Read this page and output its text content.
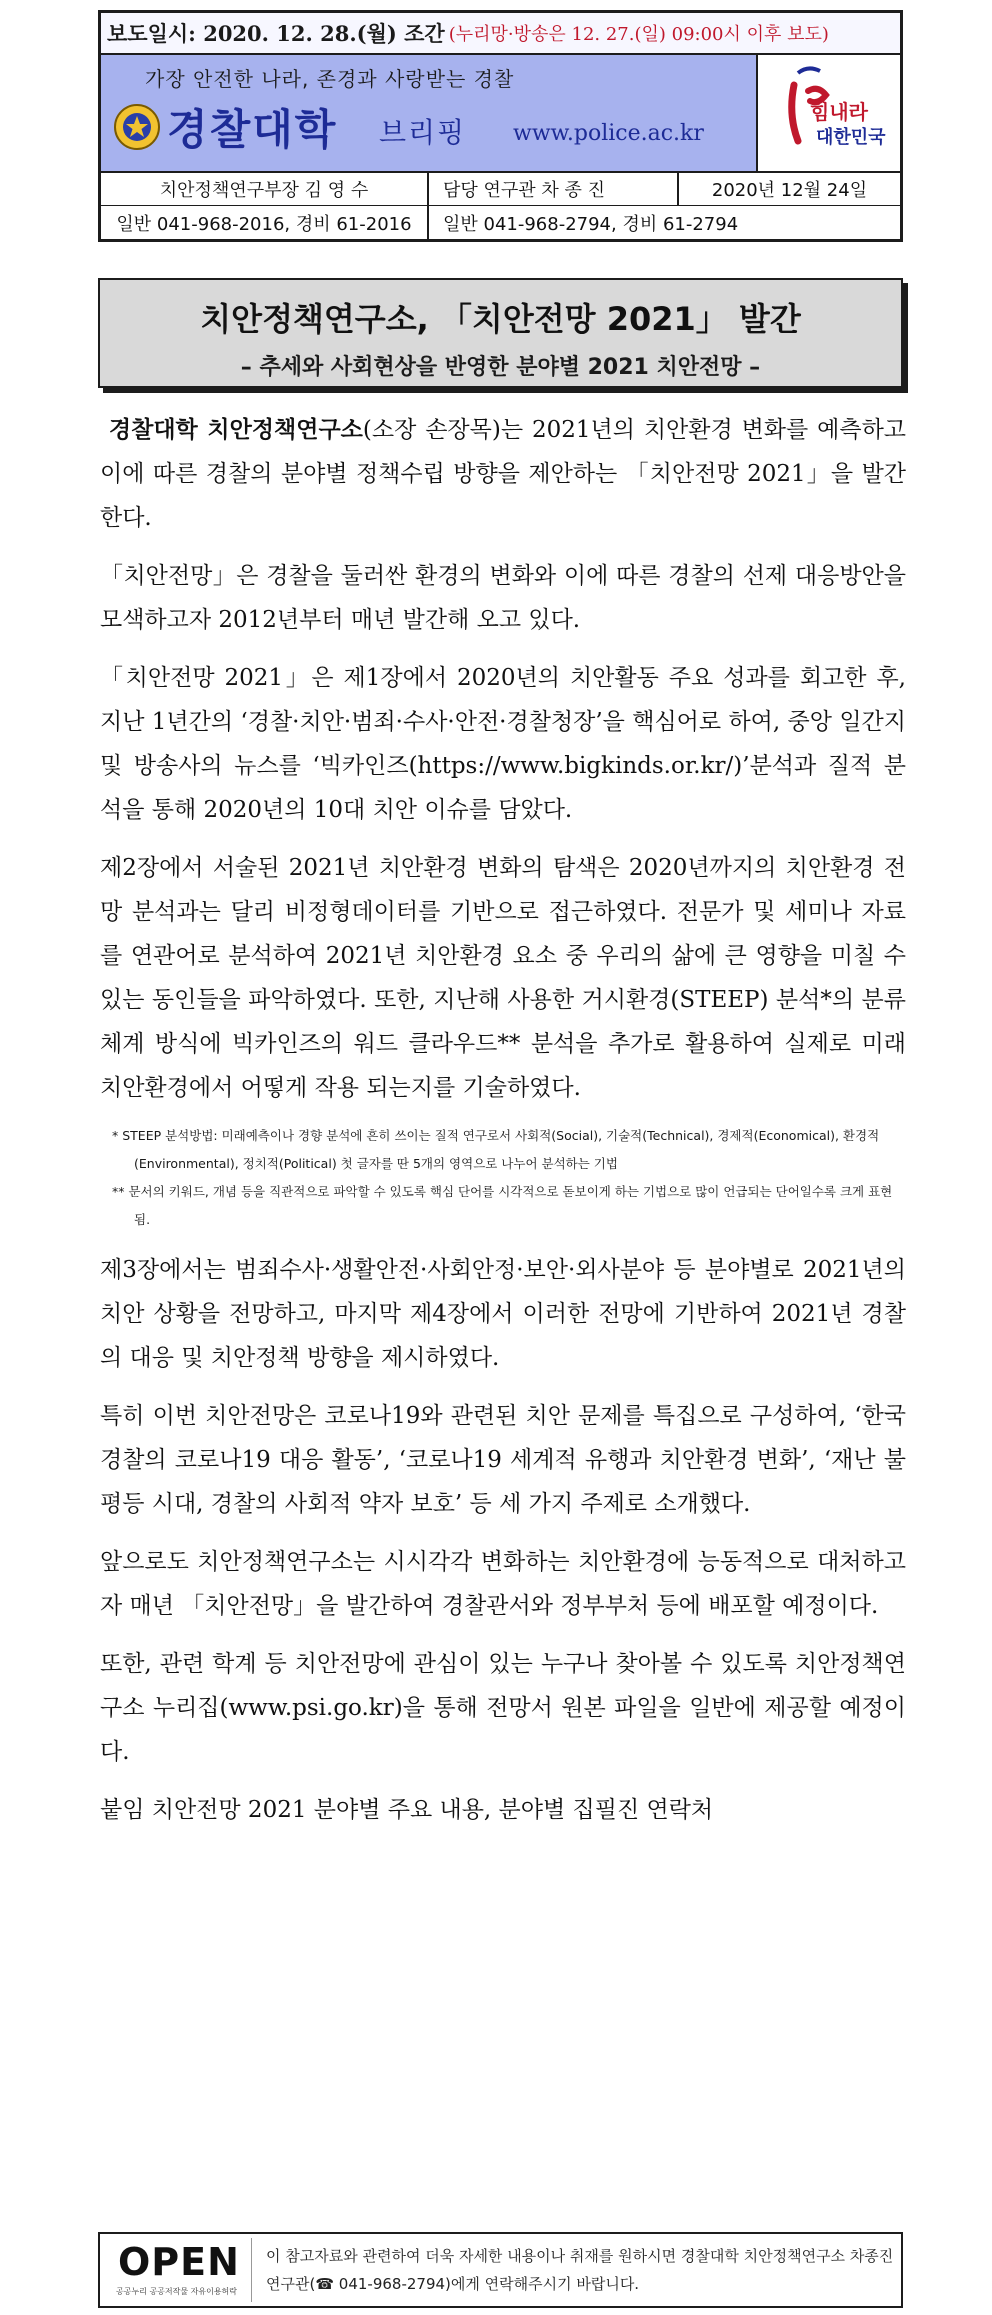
보도일시: 2020. 12. 28.(월) 조간 (누리망·방송은 12. 27.(일) 09:00시 이후 보도)
가장 안전한 나라, 존경과 사랑받는 경찰
경찰대학 브리핑 www.police.ac.kr
힘내라
대한민국
치안정책연구부장 김 영 수
일반 041-968-2016, 경비 61-2016
담당 연구관 차 종 진	2020년 12월 24일
일반 041-968-2794, 경비 61-2794
치안정책연구소, 「치안전망 2021」 발간
– 추세와 사회현상을 반영한 분야별 2021 치안전망 –

경찰대학 치안정책연구소(소장 손장목)는 2021년의 치안환경 변화를 예측하고 이에 따른 경찰의 분야별 정책수립 방향을 제안하는 「치안전망 2021」을 발간한다.

「치안전망」은 경찰을 둘러싼 환경의 변화와 이에 따른 경찰의 선제 대응방안을 모색하고자 2012년부터 매년 발간해 오고 있다.

「치안전망 2021」은 제1장에서 2020년의 치안활동 주요 성과를 회고한 후, 지난 1년간의 ‘경찰·치안·범죄·수사·안전·경찰청장’을 핵심어로 하여, 중앙 일간지 및 방송사의 뉴스를 ‘빅카인즈(https://www.bigkinds.or.kr/)’분석과 질적 분석을 통해 2020년의 10대 치안 이슈를 담았다.

제2장에서 서술된 2021년 치안환경 변화의 탐색은 2020년까지의 치안환경 전망 분석과는 달리 비정형데이터를 기반으로 접근하였다. 전문가 및 세미나 자료를 연관어로 분석하여 2021년 치안환경 요소 중 우리의 삶에 큰 영향을 미칠 수 있는 동인들을 파악하였다. 또한, 지난해 사용한 거시환경(STEEP) 분석*의 분류체계 방식에 빅카인즈의 워드 클라우드** 분석을 추가로 활용하여 실제로 미래 치안환경에서 어떻게 작용 되는지를 기술하였다.

* STEEP 분석방법: 미래예측이나 경향 분석에 흔히 쓰이는 질적 연구로서 사회적(Social), 기술적(Technical), 경제적(Economical), 환경적(Environmental), 정치적(Political) 첫 글자를 딴 5개의 영역으로 나누어 분석하는 기법

** 문서의 키워드, 개념 등을 직관적으로 파악할 수 있도록 핵심 단어를 시각적으로 돋보이게 하는 기법으로 많이 언급되는 단어일수록 크게 표현됨.

제3장에서는 범죄수사·생활안전·사회안정·보안·외사분야 등 분야별로 2021년의 치안 상황을 전망하고, 마지막 제4장에서 이러한 전망에 기반하여 2021년 경찰의 대응 및 치안정책 방향을 제시하였다.

특히 이번 치안전망은 코로나19와 관련된 치안 문제를 특집으로 구성하여, ‘한국 경찰의 코로나19 대응 활동’, ‘코로나19 세계적 유행과 치안환경 변화’, ‘재난 불평등 시대, 경찰의 사회적 약자 보호’ 등 세 가지 주제로 소개했다.

앞으로도 치안정책연구소는 시시각각 변화하는 치안환경에 능동적으로 대처하고자 매년 「치안전망」을 발간하여 경찰관서와 정부부처 등에 배포할 예정이다.

또한, 관련 학계 등 치안전망에 관심이 있는 누구나 찾아볼 수 있도록 치안정책연구소 누리집(www.psi.go.kr)을 통해 전망서 원본 파일을 일반에 제공할 예정이다.

붙임 치안전망 2021 분야별 주요 내용, 분야별 집필진 연락처

OPEN
공공누리 공공저작물 자유이용허락
이 참고자료와 관련하여 더욱 자세한 내용이나 취재를 원하시면 경찰대학 치안정책연구소 차종진 연구관(☎ 041-968-2794)에게 연락해주시기 바랍니다.
